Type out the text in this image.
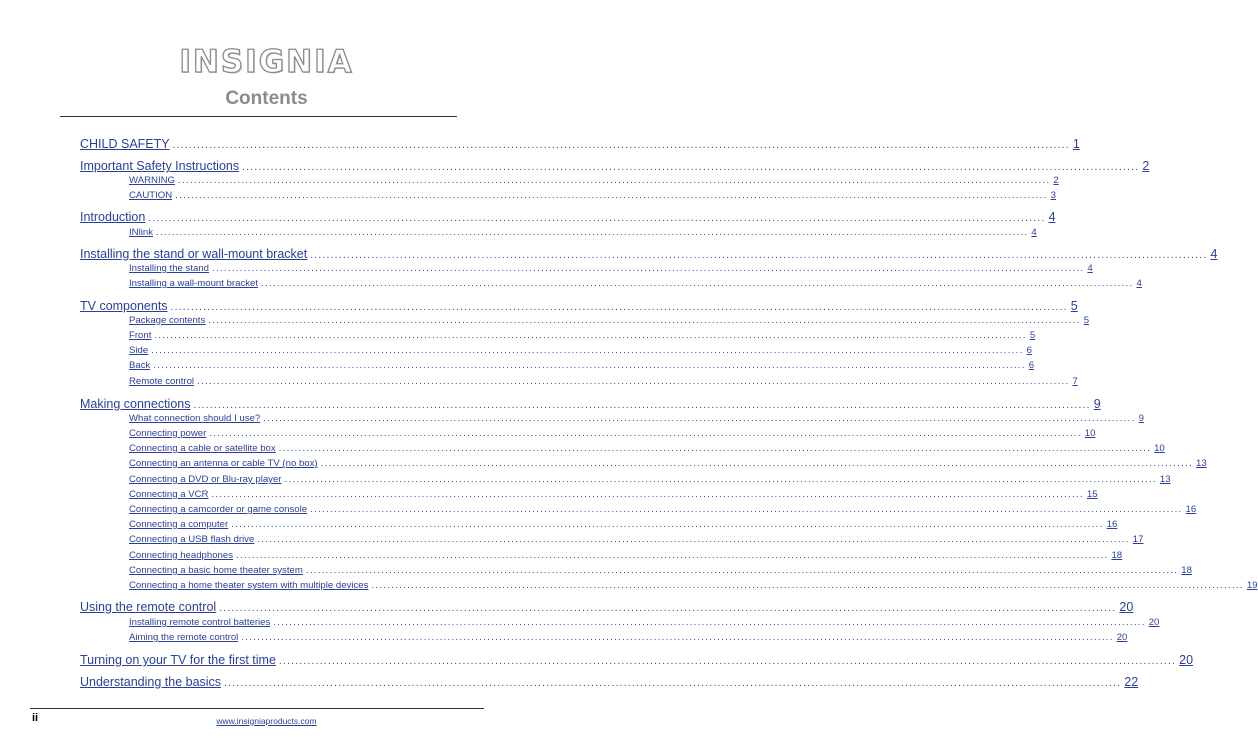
INSIGNIA
Contents
CHILD SAFETY ............................................................................................................................................................................................................................ 1
Important Safety Instructions ............................................................................................................................................................................................................................ 2
WARNING ............................................................................................................................................................................................................................ 2
CAUTION ............................................................................................................................................................................................................................ 3
Introduction ............................................................................................................................................................................................................................ 4
INlink ............................................................................................................................................................................................................................ 4
Installing the stand or wall-mount bracket ............................................................................................................................................................................................................................ 4
Installing the stand ............................................................................................................................................................................................................................ 4
Installing a wall-mount bracket ............................................................................................................................................................................................................................ 4
TV components ............................................................................................................................................................................................................................ 5
Package contents ............................................................................................................................................................................................................................ 5
Front ............................................................................................................................................................................................................................ 5
Side ............................................................................................................................................................................................................................ 6
Back ............................................................................................................................................................................................................................ 6
Remote control ............................................................................................................................................................................................................................ 7
Making connections ............................................................................................................................................................................................................................ 9
What connection should I use? ............................................................................................................................................................................................................................ 9
Connecting power ............................................................................................................................................................................................................................ 10
Connecting a cable or satellite box ............................................................................................................................................................................................................................ 10
Connecting an antenna or cable TV (no box) ............................................................................................................................................................................................................................ 13
Connecting a DVD or Blu-ray player ............................................................................................................................................................................................................................ 13
Connecting a VCR ............................................................................................................................................................................................................................ 15
Connecting a camcorder or game console ............................................................................................................................................................................................................................ 16
Connecting a computer ............................................................................................................................................................................................................................ 16
Connecting a USB flash drive ............................................................................................................................................................................................................................ 17
Connecting headphones ............................................................................................................................................................................................................................ 18
Connecting a basic home theater system ............................................................................................................................................................................................................................ 18
Connecting a home theater system with multiple devices ............................................................................................................................................................................................................................ 19
Using the remote control ............................................................................................................................................................................................................................ 20
Installing remote control batteries ............................................................................................................................................................................................................................ 20
Aiming the remote control ............................................................................................................................................................................................................................ 20
Turning on your TV for the first time ............................................................................................................................................................................................................................ 20
Understanding the basics ............................................................................................................................................................................................................................ 22
ii	www.insigniaproducts.com
